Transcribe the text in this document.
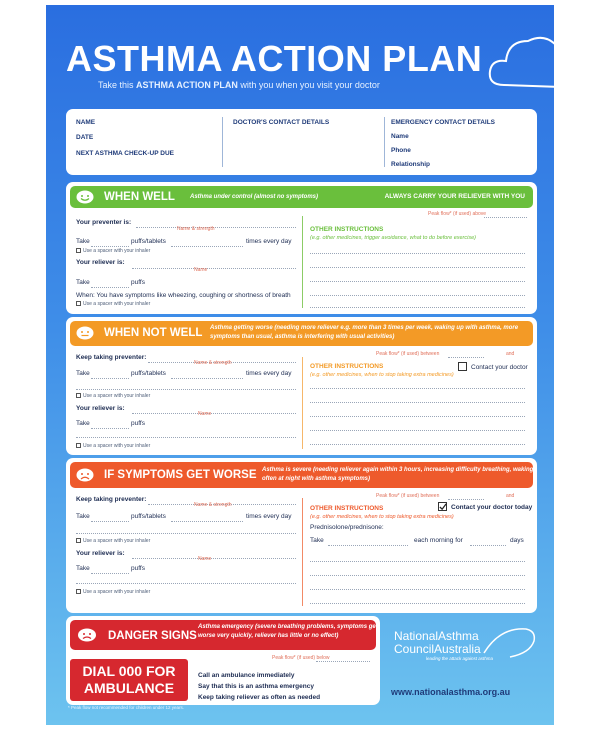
ASTHMA ACTION PLAN
Take this ASTHMA ACTION PLAN with you when you visit your doctor
NAME
DATE
NEXT ASTHMA CHECK-UP DUE
DOCTOR'S CONTACT DETAILS	EMERGENCY CONTACT DETAILS
Name
Phone
Relationship
WHEN WELL	Asthma under control (almost no symptoms)	ALWAYS CARRY YOUR RELIEVER WITH YOU
Peak flow* (if used) above
Your preventer is:
Name & strength
Take	puffs/tablets	times every day
Use a spacer with your inhaler
Your reliever is:
Name
Take	puffs
When: You have symptoms like wheezing, coughing or shortness of breath
Use a spacer with your inhaler
OTHER INSTRUCTIONS
(e.g. other medicines, trigger avoidance, what to do before exercise)
WHEN NOT WELL Asthma getting worse (needing more reliever e.g. more than 3 times per week, waking up with asthma, more symptoms than usual, asthma is interfering with usual activities)
Peak flow* (if used) between	and
Keep taking preventer:
Name & strength
Take	puffs/tablets	times every day
Use a spacer with your inhaler
Your reliever is:
Name
Take	puffs
Use a spacer with your inhaler
OTHER INSTRUCTIONS
(e.g. other medicines, when to stop taking extra medicines)
Contact your doctor
IF SYMPTOMS GET WORSE Asthma is severe (needing reliever again within 3 hours, increasing difficulty breathing, waking often at night with asthma symptoms)
Peak flow* (if used) between	and
Keep taking preventer:
Name & strength
Take	puffs/tablets	times every day
Use a spacer with your inhaler
Your reliever is:
Name
Take	puffs
Use a spacer with your inhaler
OTHER INSTRUCTIONS
(e.g. other medicines, when to stop taking extra medicines)
Contact your doctor today
Prednisolone/prednisone:
Take	each morning for	days
DANGER SIGNS
Asthma emergency (severe breathing problems, symptoms get worse very quickly, reliever has little or no effect)
Peak flow* (if used) below
DIAL 000 FOR AMBULANCE
Call an ambulance immediately
Say that this is an asthma emergency
Keep taking reliever as often as needed
NationalAsthma
CouncilAustralia
leading the attack against asthma
www.nationalasthma.org.au
* Peak flow not recommended for children under 12 years.
